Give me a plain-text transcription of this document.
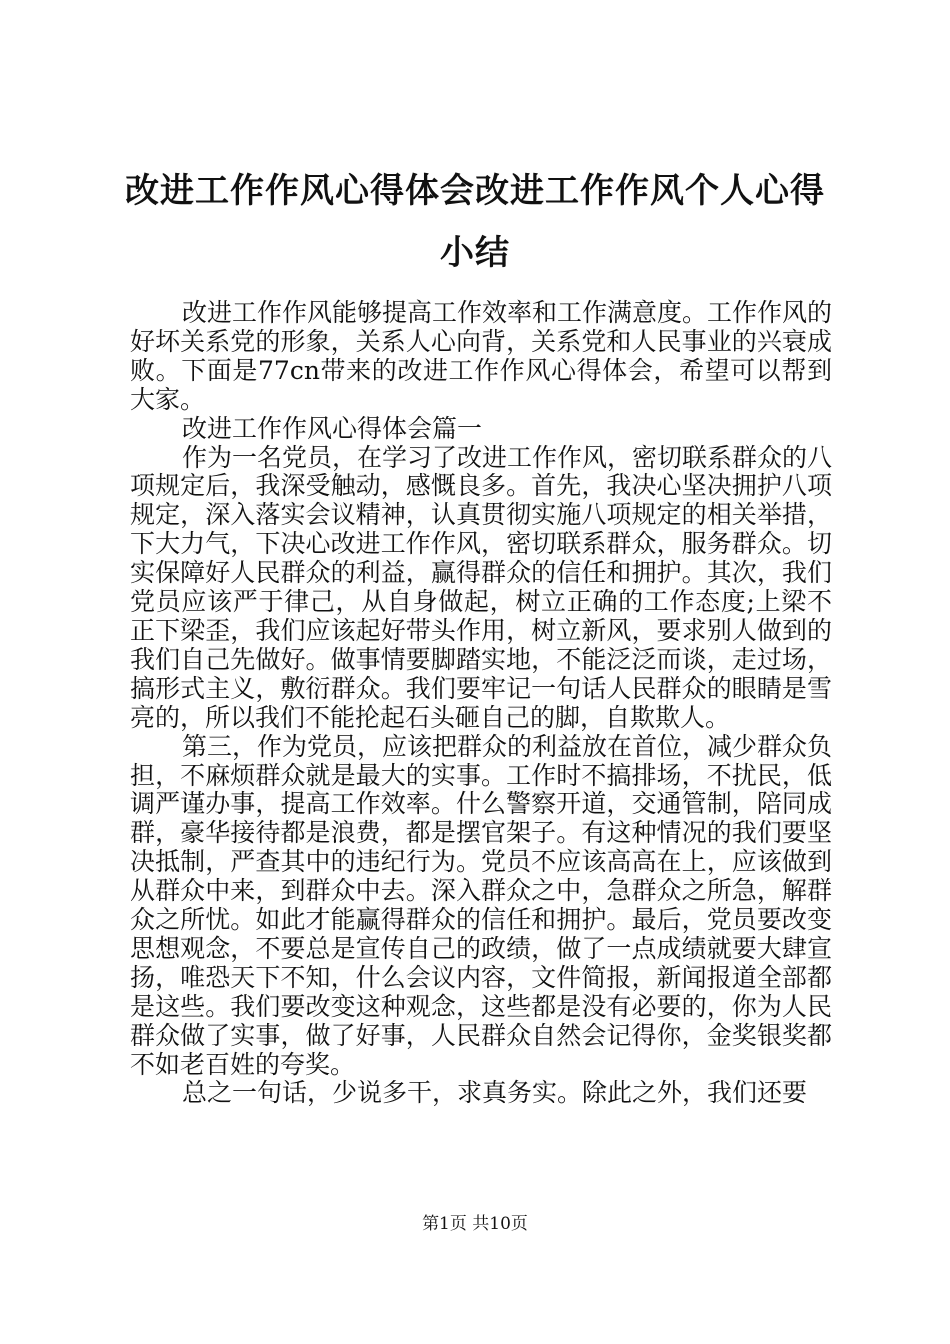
改进工作作风心得体会改进工作作风个人心得小结

改进工作作风能够提高工作效率和工作满意度。工作作风的好坏关系党的形象，关系人心向背，关系党和人民事业的兴衰成败。下面是77cn带来的改进工作作风心得体会，希望可以帮到大家。

改进工作作风心得体会篇一

作为一名党员，在学习了改进工作作风，密切联系群众的八项规定后，我深受触动，感慨良多。首先，我决心坚决拥护八项规定，深入落实会议精神，认真贯彻实施八项规定的相关举措，下大力气，下决心改进工作作风，密切联系群众，服务群众。切实保障好人民群众的利益，赢得群众的信任和拥护。其次，我们党员应该严于律己，从自身做起，树立正确的工作态度;上梁不正下梁歪，我们应该起好带头作用，树立新风，要求别人做到的我们自己先做好。做事情要脚踏实地，不能泛泛而谈，走过场，搞形式主义，敷衍群众。我们要牢记一句话人民群众的眼睛是雪亮的，所以我们不能抡起石头砸自己的脚，自欺欺人。

第三，作为党员，应该把群众的利益放在首位，减少群众负担，不麻烦群众就是最大的实事。工作时不搞排场，不扰民，低调严谨办事，提高工作效率。什么警察开道，交通管制，陪同成群，豪华接待都是浪费，都是摆官架子。有这种情况的我们要坚决抵制，严查其中的违纪行为。党员不应该高高在上，应该做到从群众中来，到群众中去。深入群众之中，急群众之所急，解群众之所忧。如此才能赢得群众的信任和拥护。最后，党员要改变思想观念，不要总是宣传自己的政绩，做了一点成绩就要大肆宣扬，唯恐天下不知，什么会议内容，文件简报，新闻报道全部都是这些。我们要改变这种观念，这些都是没有必要的，你为人民群众做了实事，做了好事，人民群众自然会记得你，金奖银奖都不如老百姓的夸奖。

总之一句话，少说多干，求真务实。除此之外，我们还要

第1页 共10页
